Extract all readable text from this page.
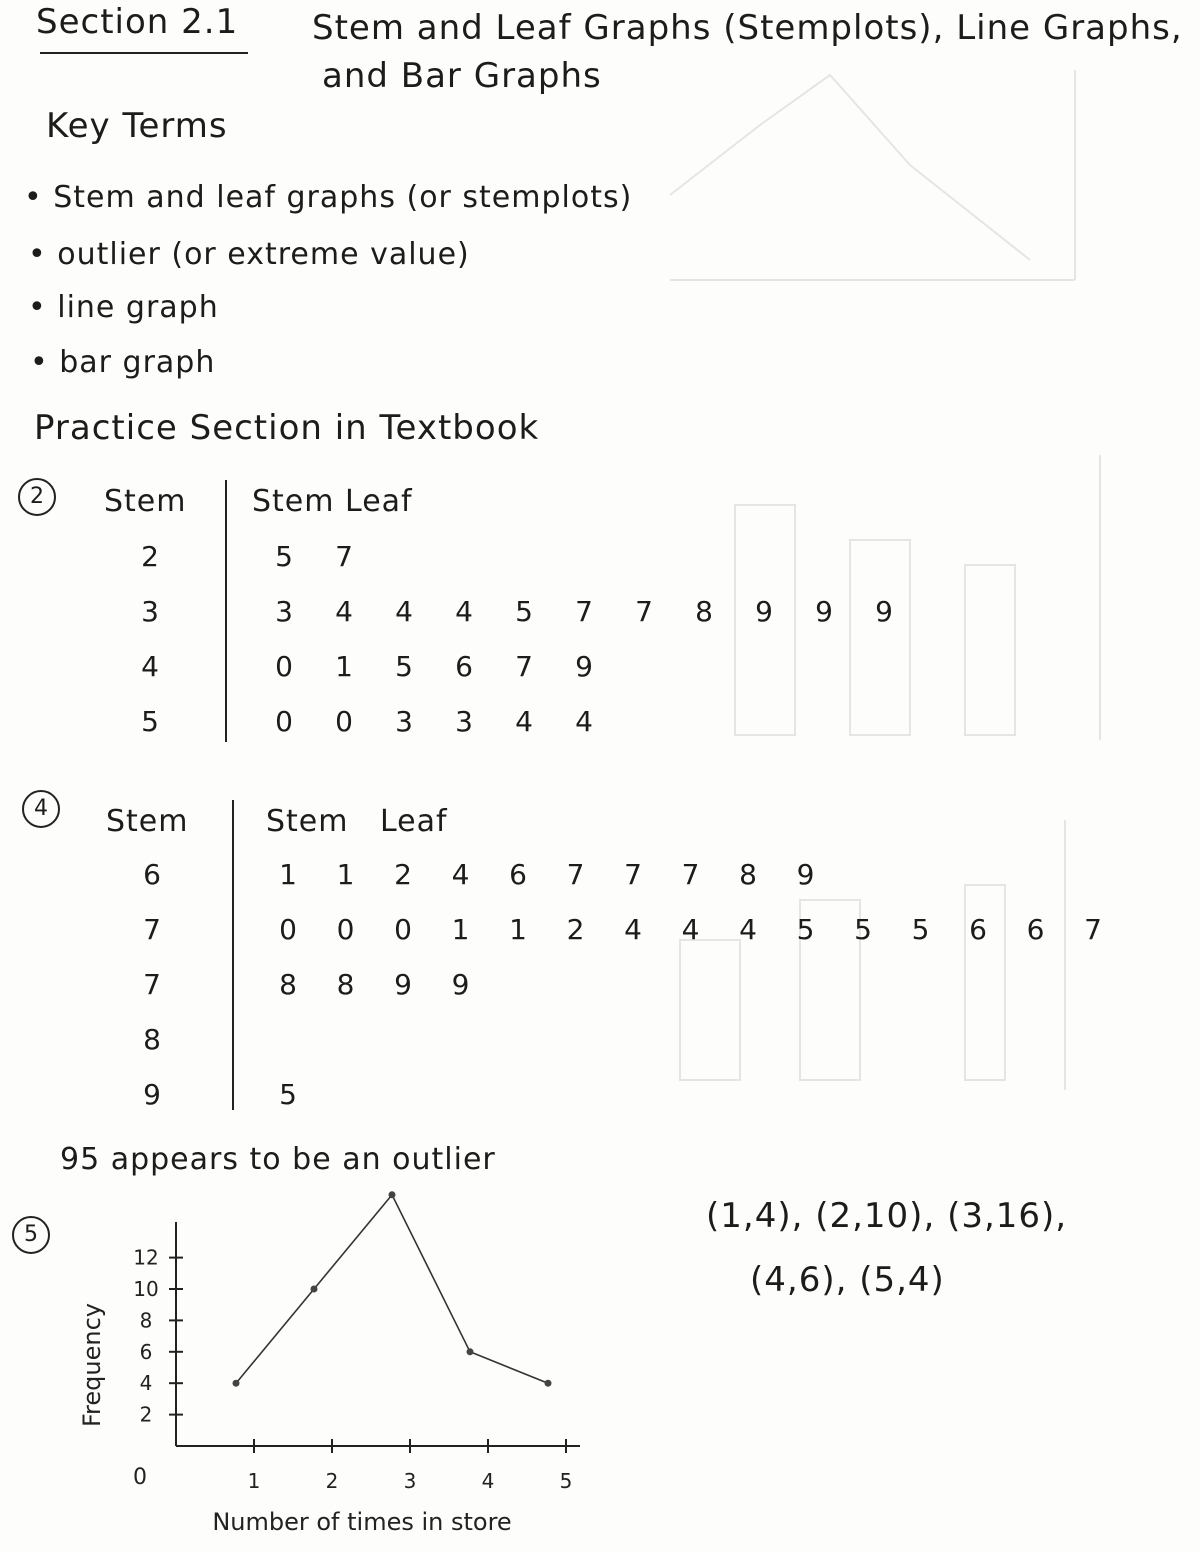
Section 2.1 Stem and Leaf Graphs (Stemplots), Line Graphs,
and Bar Graphs
Key Terms
• Stem and leaf graphs (or stemplots)
• outlier (or extreme value)
• line graph
• bar graph
Practice Section in Textbook
2	Stem Stem Leaf
2	5	7
3	3	4	4	4	5	7	7	8	9	9	9
4	0	1	5	6	7	9
5	0	0	3	3	4	4
4	Stem	Stem Leaf
6	1	1	2	4	6	7	7	7	8	9
7	0	0	0	1	1	2	4	4	4	5	5	5	6	6	7
7	8	8	9	9
8
9	5
95 appears to be an outlier
5	(1,4), (2,10), (3,16),
(4,6), (5,4)
2
4
6
8
10
12
1	2	3	4	5
0
Frequency
Number of times in store
